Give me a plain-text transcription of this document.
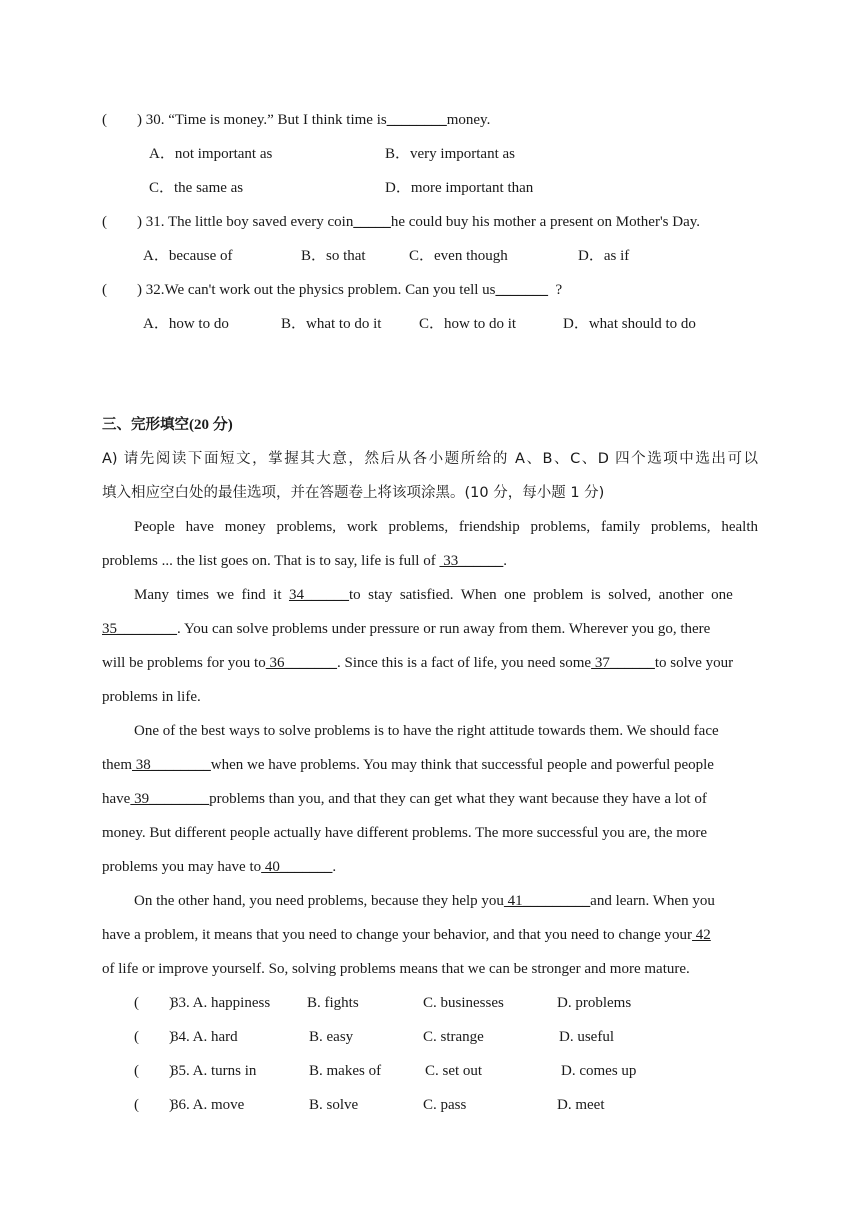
(        ) 30. “Time is money.” But I think time is________money.
A．not important as	B．very important as
C．the same as	D．more important than
(        ) 31. The little boy saved every coin_____he could buy his mother a present on Mother's Day.
A．because of	B．so that	C．even though	D．as if
(        ) 32.We can't work out the physics problem. Can you tell us_______  ?
A．how to do	B．what to do it	C．how to do it	D．what should to do
三、完形填空(20 分)
A) 请先阅读下面短文，掌握其大意，然后从各小题所给的 A、B、C、D 四个选项中选出可以
填入相应空白处的最佳选项，并在答题卷上将该项涂黑。(10 分，每小题 1 分)
People have money problems, work problems, friendship problems, family problems, health
problems ... the list goes on. That is to say, life is full of  33______.
Many  times  we  find  it  34______to  stay  satisfied.  When  one  problem  is  solved,  another  one
35________. You can solve problems under pressure or run away from them. Wherever you go, there
will be problems for you to 36_______. Since this is a fact of life, you need some 37______to solve your
problems in life.
One of the best ways to solve problems is to have the right attitude towards them. We should face
them 38________when we have problems. You may think that successful people and powerful people
have 39________problems than you, and that they can get what they want because they have a lot of
money. But different people actually have different problems. The more successful you are, the more
problems you may have to 40_______.
On the other hand, you need problems, because they help you 41_________and learn. When you
have a problem, it means that you need to change your behavior, and that you need to change your 42
of life or improve yourself. So, solving problems means that we can be stronger and more mature.
(        )
33. A. happiness B. fights	C. businesses	D. problems
(        )
34. A. hard	B. easy	C. strange	D. useful
(        )
35. A. turns in	B. makes of	C. set out	D. comes up
(        )
36. A. move	B. solve	C. pass	D. meet
